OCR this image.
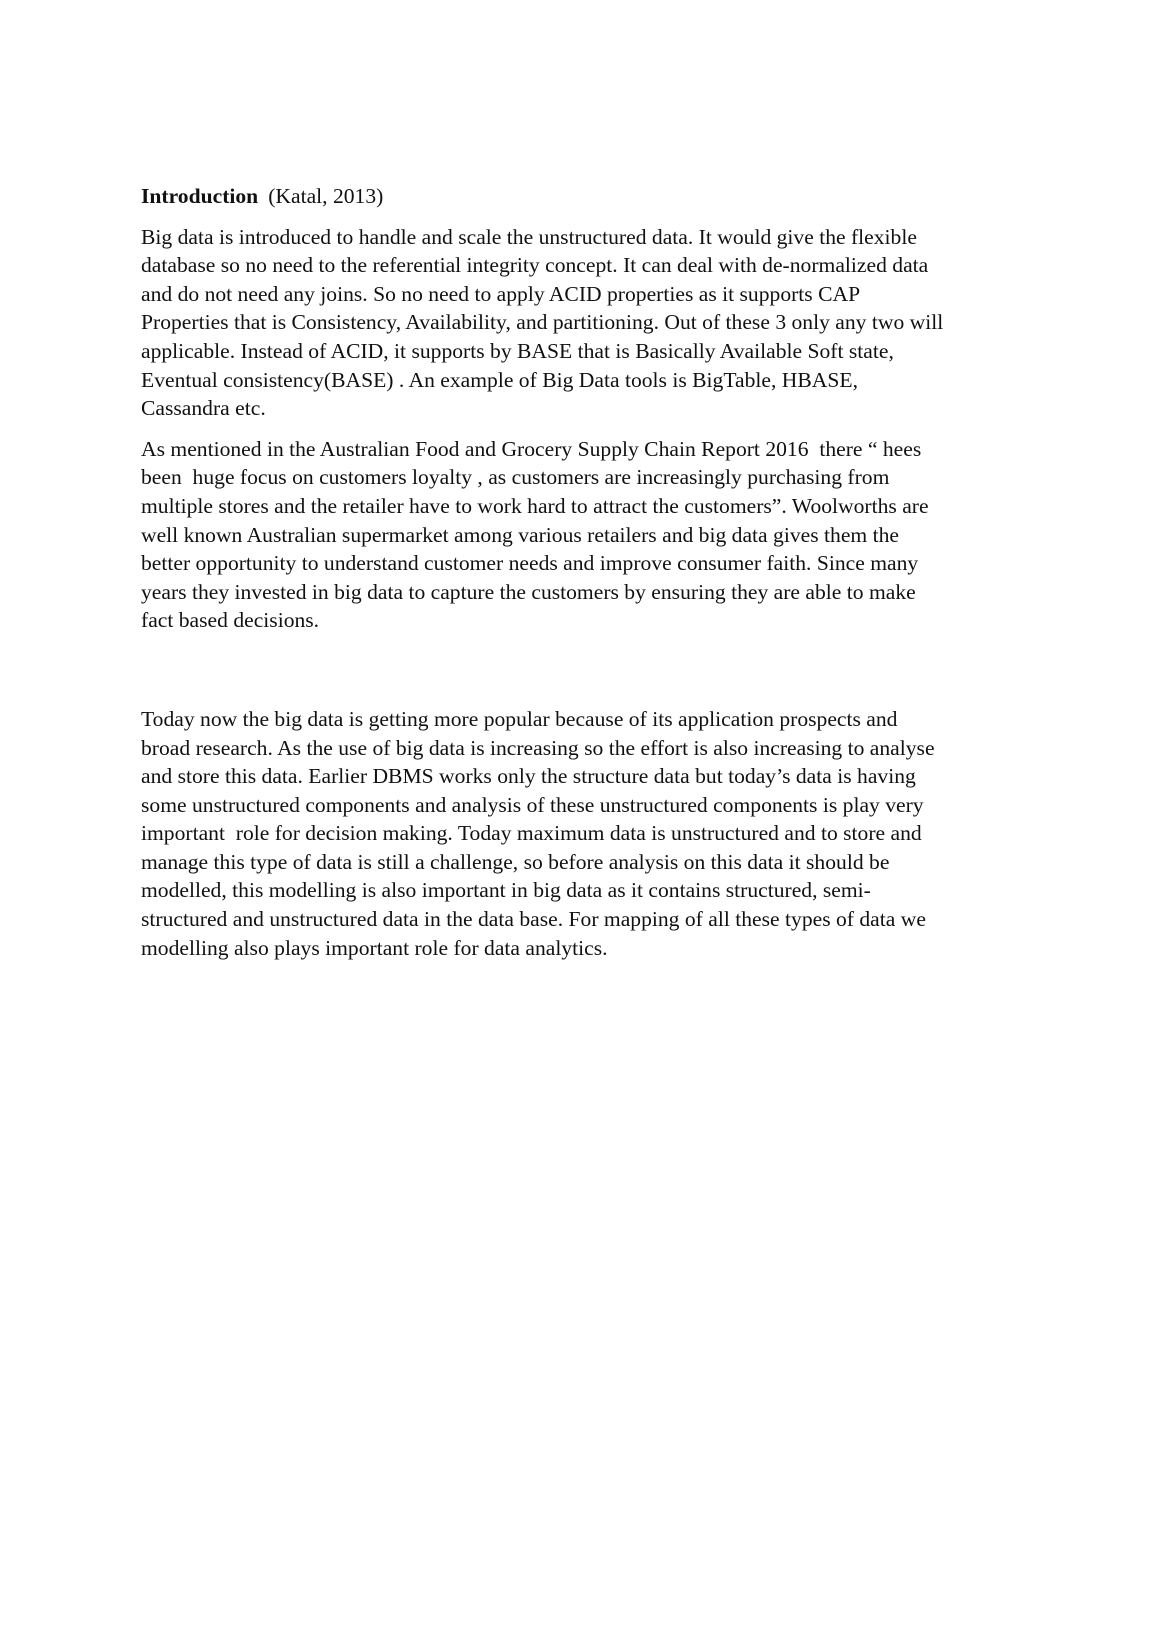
Introduction (Katal, 2013)

Big data is introduced to handle and scale the unstructured data. It would give the flexible
database so no need to the referential integrity concept. It can deal with de-normalized data
and do not need any joins. So no need to apply ACID properties as it supports CAP
Properties that is Consistency, Availability, and partitioning. Out of these 3 only any two will
applicable. Instead of ACID, it supports by BASE that is Basically Available Soft state,
Eventual consistency(BASE) . An example of Big Data tools is BigTable, HBASE,
Cassandra etc.

As mentioned in the Australian Food and Grocery Supply Chain Report 2016  there “ hees
been  huge focus on customers loyalty , as customers are increasingly purchasing from
multiple stores and the retailer have to work hard to attract the customers”. Woolworths are
well known Australian supermarket among various retailers and big data gives them the
better opportunity to understand customer needs and improve consumer faith. Since many
years they invested in big data to capture the customers by ensuring they are able to make
fact based decisions.

Today now the big data is getting more popular because of its application prospects and
broad research. As the use of big data is increasing so the effort is also increasing to analyse
and store this data. Earlier DBMS works only the structure data but today’s data is having
some unstructured components and analysis of these unstructured components is play very
important  role for decision making. Today maximum data is unstructured and to store and
manage this type of data is still a challenge, so before analysis on this data it should be
modelled, this modelling is also important in big data as it contains structured, semi-
structured and unstructured data in the data base. For mapping of all these types of data we
modelling also plays important role for data analytics.
